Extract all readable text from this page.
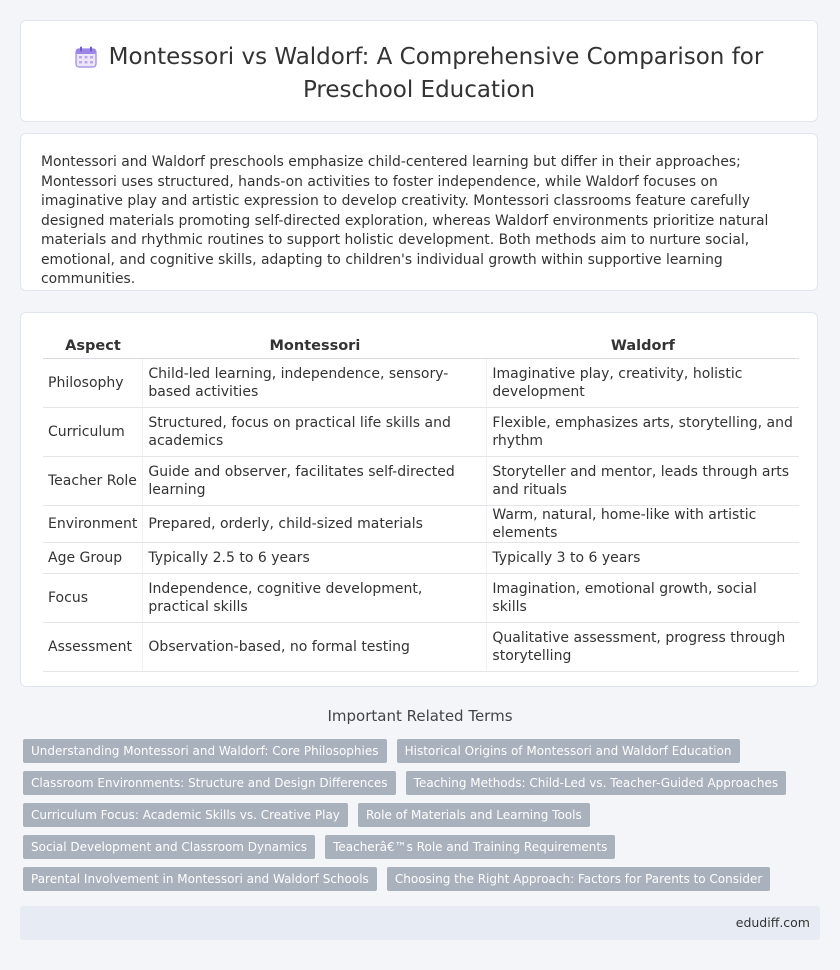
Montessori vs Waldorf: A Comprehensive Comparison for Preschool Education

Montessori and Waldorf preschools emphasize child-centered learning but differ in their approaches; Montessori uses structured, hands-on activities to foster independence, while Waldorf focuses on imaginative play and artistic expression to develop creativity. Montessori classrooms feature carefully designed materials promoting self-directed exploration, whereas Waldorf environments prioritize natural materials and rhythmic routines to support holistic development. Both methods aim to nurture social, emotional, and cognitive skills, adapting to children's individual growth within supportive learning communities.

Aspect	Montessori	Waldorf
Philosophy	Child-led learning, independence, sensory-based activities	Imaginative play, creativity, holistic development
Curriculum	Structured, focus on practical life skills and academics	Flexible, emphasizes arts, storytelling, and rhythm
Teacher Role	Guide and observer, facilitates self-directed learning	Storyteller and mentor, leads through arts and rituals
Environment	Prepared, orderly, child-sized materials	Warm, natural, home-like with artistic elements
Age Group	Typically 2.5 to 6 years	Typically 3 to 6 years
Focus	Independence, cognitive development, practical skills	Imagination, emotional growth, social skills
Assessment	Observation-based, no formal testing	Qualitative assessment, progress through storytelling
Important Related Terms
Understanding Montessori and Waldorf: Core Philosophies Historical Origins of Montessori and Waldorf Education Classroom Environments: Structure and Design Differences Teaching Methods: Child-Led vs. Teacher-Guided Approaches Curriculum Focus: Academic Skills vs. Creative Play Role of Materials and Learning Tools Social Development and Classroom Dynamics Teacherâ€™s Role and Training Requirements Parental Involvement in Montessori and Waldorf Schools Choosing the Right Approach: Factors for Parents to Consider
edudiff.com
